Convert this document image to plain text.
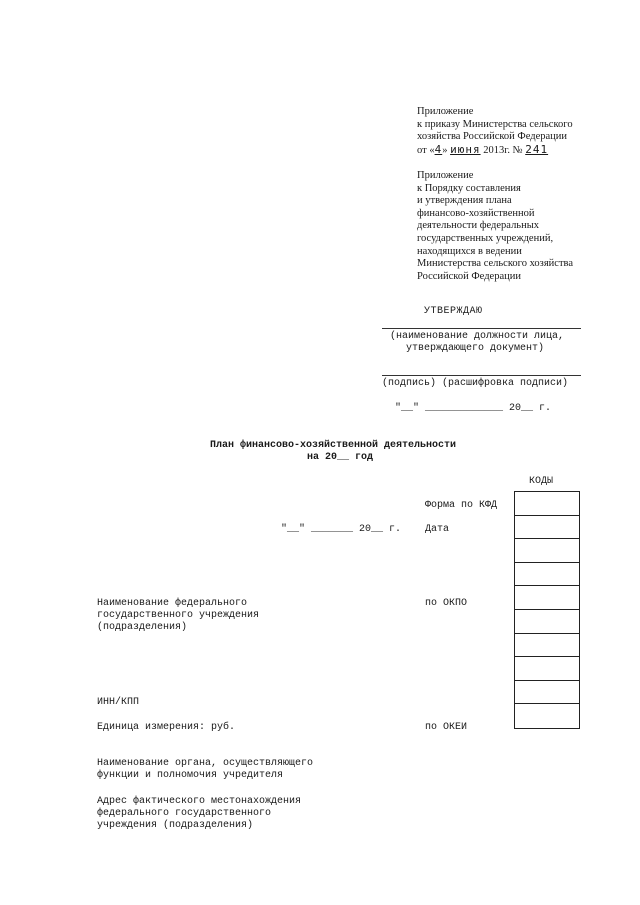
Приложение
к приказу Министерства сельского
хозяйства Российской Федерации
от «4» июня 2013г. № 241
Приложение
к Порядку составления
и утверждения плана
финансово-хозяйственной
деятельности федеральных
государственных учреждений,
находящихся в ведении
Министерства сельского хозяйства
Российской Федерации
УТВЕРЖДАЮ
(наименование должности лица,
утверждающего документ)
(подпись) (расшифровка подписи)
"__" _____________ 20__ г.
План финансово-хозяйственной деятельности
на 20__ год
КОДЫ
Форма по КФД
"__" _______ 20__ г. Дата
Наименование федерального
государственного учреждения
(подразделения)
по ОКПО
ИНН/КПП
Единица измерения: руб.	по ОКЕИ
Наименование органа, осуществляющего
функции и полномочия учредителя
Адрес фактического местонахождения
федерального государственного
учреждения (подразделения)
